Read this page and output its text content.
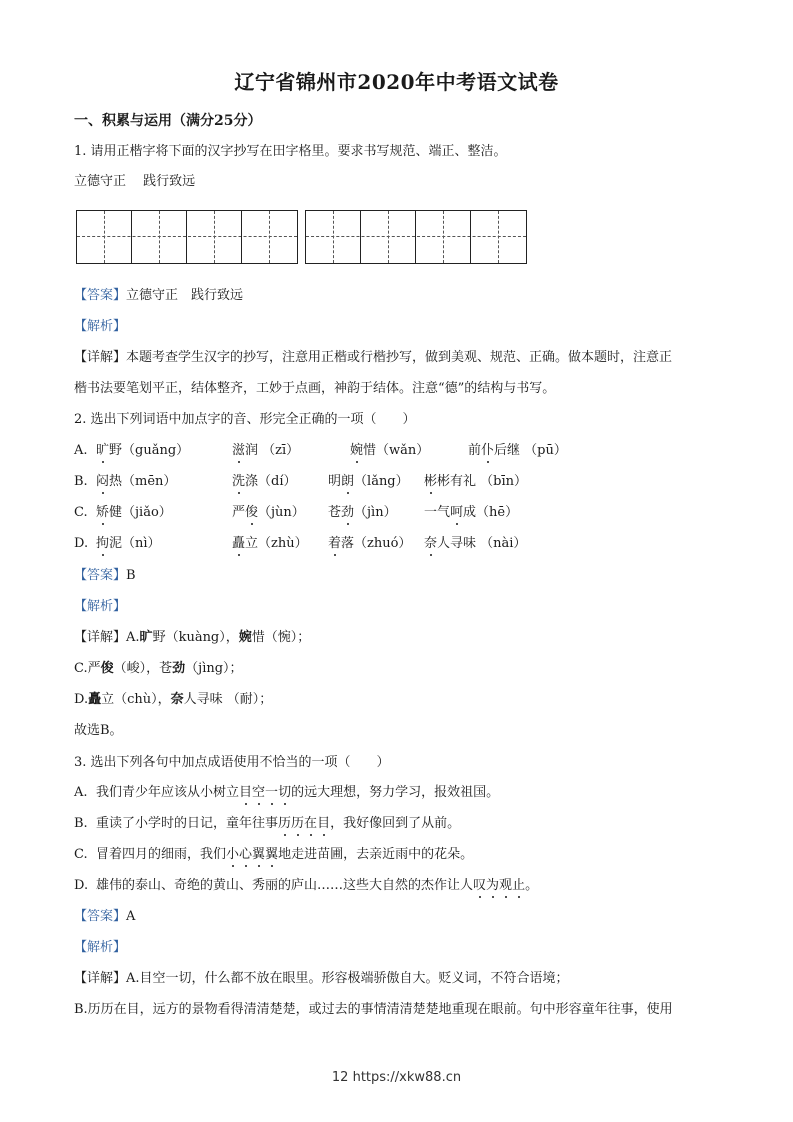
辽宁省锦州市2020年中考语文试卷
一、积累与运用（满分25分）
1. 请用正楷字将下面的汉字抄写在田字格里。要求书写规范、端正、整洁。
立德守正　 践行致远
【答案】立德守正　践行致远
【解析】
【详解】本题考查学生汉字的抄写，注意用正楷或行楷抄写，做到美观、规范、正确。做本题时，注意正
楷书法要笔划平正，结体整齐，工妙于点画，神韵于结体。注意“德”的结构与书写。
2. 选出下列词语中加点字的音、形完全正确的一项（　　）
A. 旷野（guǎng）	滋润 （zī）	婉惜（wǎn）	前仆后继 （pū）
B. 闷热（mēn）	洗涤（dí） 明朗（lǎng） 彬彬有礼 （bīn）
C. 矫健（jiǎo）	严俊（jùn） 苍劲（jìn） 一气呵成（hē）
D. 拘泥（nì）	矗立（zhù） 着落（zhuó） 奈人寻味 （nài）
【答案】B
【解析】
【详解】A.旷野（kuàng），婉惜（惋）；
C.严俊（峻），苍劲（jìng）；
D.矗立（chù），奈人寻味 （耐）；
故选B。
3. 选出下列各句中加点成语使用不恰当的一项（　　）
A. 我们青少年应该从小树立目空一切的远大理想，努力学习，报效祖国。
B. 重读了小学时的日记，童年往事历历在目，我好像回到了从前。
C. 冒着四月的细雨，我们小心翼翼地走进苗圃，去亲近雨中的花朵。
D. 雄伟的泰山、奇绝的黄山、秀丽的庐山……这些大自然的杰作让人叹为观止。
【答案】A
【解析】
【详解】A.目空一切，什么都不放在眼里。形容极端骄傲自大。贬义词，不符合语境；
B.历历在目，远方的景物看得清清楚楚，或过去的事情清清楚楚地重现在眼前。句中形容童年往事，使用
12 https://xkw88.cn
